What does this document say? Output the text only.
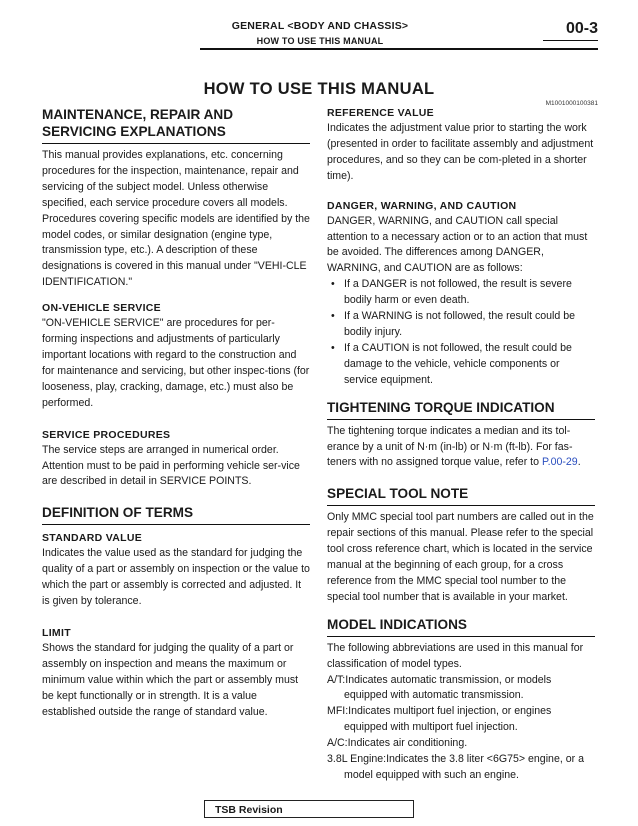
GENERAL <BODY AND CHASSIS>
HOW TO USE THIS MANUAL
00-3
HOW TO USE THIS MANUAL
M1001000100381
MAINTENANCE, REPAIR AND
SERVICING EXPLANATIONS

This manual provides explanations, etc. concerning procedures for the inspection, maintenance, repair and servicing of the subject model. Unless otherwise specified, each service procedure covers all models. Procedures covering specific models are identified by the model codes, or similar designation (engine type, transmission type, etc.). A description of these designations is covered in this manual under "VEHI-CLE IDENTIFICATION."

ON-VEHICLE SERVICE

"ON-VEHICLE SERVICE" are procedures for per-forming inspections and adjustments of particularly important locations with regard to the construction and for maintenance and servicing, but other inspec-tions (for looseness, play, cracking, damage, etc.) must also be performed.

SERVICE PROCEDURES

The service steps are arranged in numerical order. Attention must to be paid in performing vehicle ser-vice are described in detail in SERVICE POINTS.

DEFINITION OF TERMS
STANDARD VALUE

Indicates the value used as the standard for judging the quality of a part or assembly on inspection or the value to which the part or assembly is corrected and adjusted. It is given by tolerance.

LIMIT

Shows the standard for judging the quality of a part or assembly on inspection and means the maximum or minimum value within which the part or assembly must be kept functionally or in strength. It is a value established outside the range of standard value.

REFERENCE VALUE

Indicates the adjustment value prior to starting the work (presented in order to facilitate assembly and adjustment procedures, and so they can be com-pleted in a shorter time).

DANGER, WARNING, AND CAUTION

DANGER, WARNING, and CAUTION call special attention to a necessary action or to an action that must be avoided. The differences among DANGER, WARNING, and CAUTION are as follows:

• If a DANGER is not followed, the result is severe bodily harm or even death.
• If a WARNING is not followed, the result could be bodily injury.
• If a CAUTION is not followed, the result could be damage to the vehicle, vehicle components or service equipment.
TIGHTENING TORQUE INDICATION

The tightening torque indicates a median and its tol-erance by a unit of N·m (in-lb) or N·m (ft-lb). For fas-teners with no assigned torque value, refer to P.00-29.

SPECIAL TOOL NOTE

Only MMC special tool part numbers are called out in the repair sections of this manual. Please refer to the special tool cross reference chart, which is located in the service manual at the beginning of each group, for a cross reference from the MMC special tool number to the special tool number that is available in your market.

MODEL INDICATIONS

The following abbreviations are used in this manual for classification of model types.

A/T:Indicates automatic transmission, or models equipped with automatic transmission.

MFI:Indicates multiport fuel injection, or engines equipped with multiport fuel injection.

A/C:Indicates air conditioning.

3.8L Engine:Indicates the 3.8 liter <6G75> engine, or a model equipped with such an engine.

TSB Revision
